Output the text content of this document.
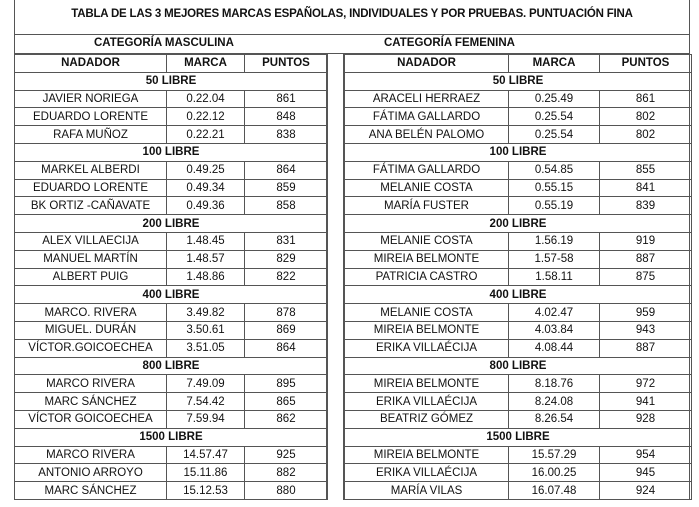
TABLA DE LAS 3 MEJORES MARCAS ESPAÑOLAS, INDIVIDUALES Y POR PRUEBAS. PUNTUACIÓN FINA
CATEGORÍA MASCULINA	CATEGORÍA FEMENINA
NADADOR	MARCA	PUNTOS
50 LIBRE		
JAVIER NORIEGA	0.22.04	861
EDUARDO LORENTE	0.22.12	848
RAFA MUÑOZ	0.22.21	838
100 LIBRE		
MARKEL ALBERDI	0.49.25	864
EDUARDO LORENTE	0.49.34	859
BK ORTIZ -CAÑAVATE	0.49.36	858
200 LIBRE		
ALEX VILLAECIJA	1.48.45	831
MANUEL MARTÍN	1.48.57	829
ALBERT PUIG	1.48.86	822
400 LIBRE		
MARCO. RIVERA	3.49.82	878
MIGUEL. DURÁN	3.50.61	869
VÍCTOR.GOICOECHEA	3.51.05	864
800 LIBRE		
MARCO RIVERA	7.49.09	895
MARC SÁNCHEZ	7.54.42	865
VÍCTOR GOICOECHEA	7.59.94	862
1500 LIBRE		
MARCO RIVERA	14.57.47	925
ANTONIO ARROYO	15.11.86	882
MARC SÁNCHEZ	15.12.53	880
NADADOR	MARCA	PUNTOS
50 LIBRE		
ARACELI HERRAEZ	0.25.49	861
FÁTIMA GALLARDO	0.25.54	802
ANA BELÉN PALOMO	0.25.54	802
100 LIBRE		
FÁTIMA GALLARDO	0.54.85	855
MELANIE COSTA	0.55.15	841
MARÍA FUSTER	0.55.19	839
200 LIBRE		
MELANIE COSTA	1.56.19	919
MIREIA BELMONTE	1.57-58	887
PATRICIA CASTRO	1.58.11	875
400 LIBRE		
MELANIE COSTA	4.02.47	959
MIREIA BELMONTE	4.03.84	943
ERIKA VILLAÉCIJA	4.08.44	887
800 LIBRE		
MIREIA BELMONTE	8.18.76	972
ERIKA VILLAÉCIJA	8.24.08	941
BEATRIZ GÓMEZ	8.26.54	928
1500 LIBRE		
MIREIA BELMONTE	15.57.29	954
ERIKA VILLAÉCIJA	16.00.25	945
MARÍA VILAS	16.07.48	924
